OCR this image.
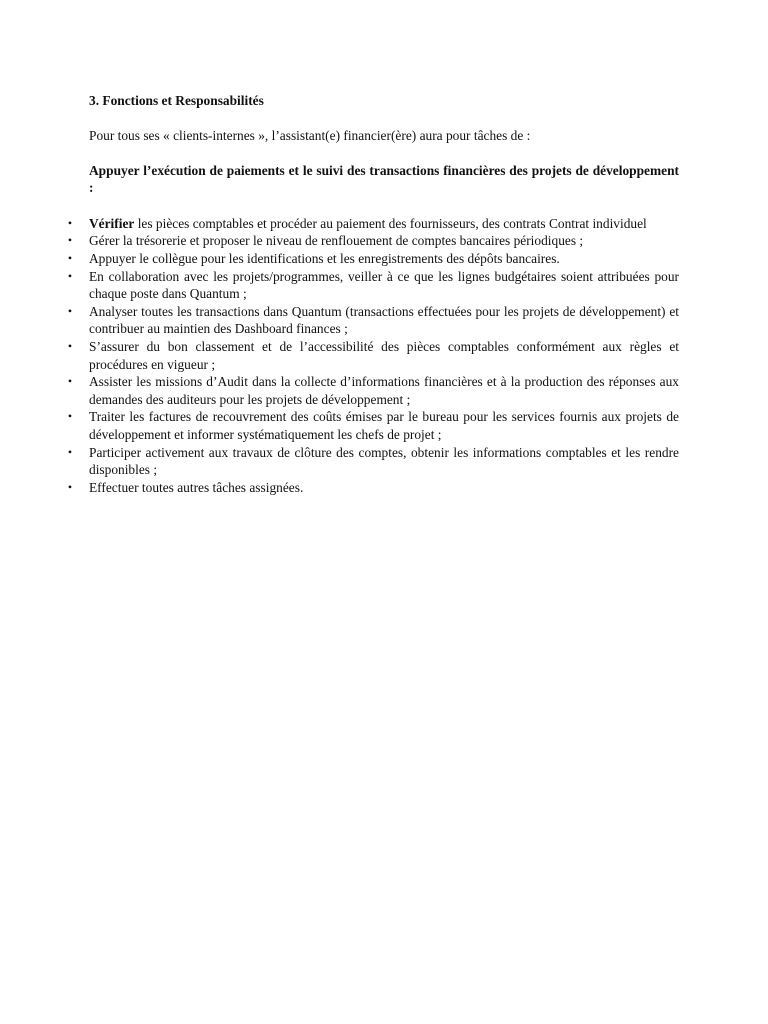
3. Fonctions et Responsabilités

Pour tous ses « clients-internes », l’assistant(e) financier(ère) aura pour tâches de :

Appuyer l’exécution de paiements et le suivi des transactions financières des projets de développement :

• Vérifier les pièces comptables et procéder au paiement des fournisseurs, des contrats Contrat individuel
• Gérer la trésorerie et proposer le niveau de renflouement de comptes bancaires périodiques ;
• Appuyer le collègue pour les identifications et les enregistrements des dépôts bancaires.
• En collaboration avec les projets/programmes, veiller à ce que les lignes budgétaires soient attribuées pour chaque poste dans Quantum ;
• Analyser toutes les transactions dans Quantum (transactions effectuées pour les projets de développement) et contribuer au maintien des Dashboard finances ;
• S’assurer du bon classement et de l’accessibilité des pièces comptables conformément aux règles et procédures en vigueur ;
• Assister les missions d’Audit dans la collecte d’informations financières et à la production des réponses aux demandes des auditeurs pour les projets de développement ;
• Traiter les factures de recouvrement des coûts émises par le bureau pour les services fournis aux projets de développement et informer systématiquement les chefs de projet ;
• Participer activement aux travaux de clôture des comptes, obtenir les informations comptables et les rendre disponibles ;
• Effectuer toutes autres tâches assignées.
